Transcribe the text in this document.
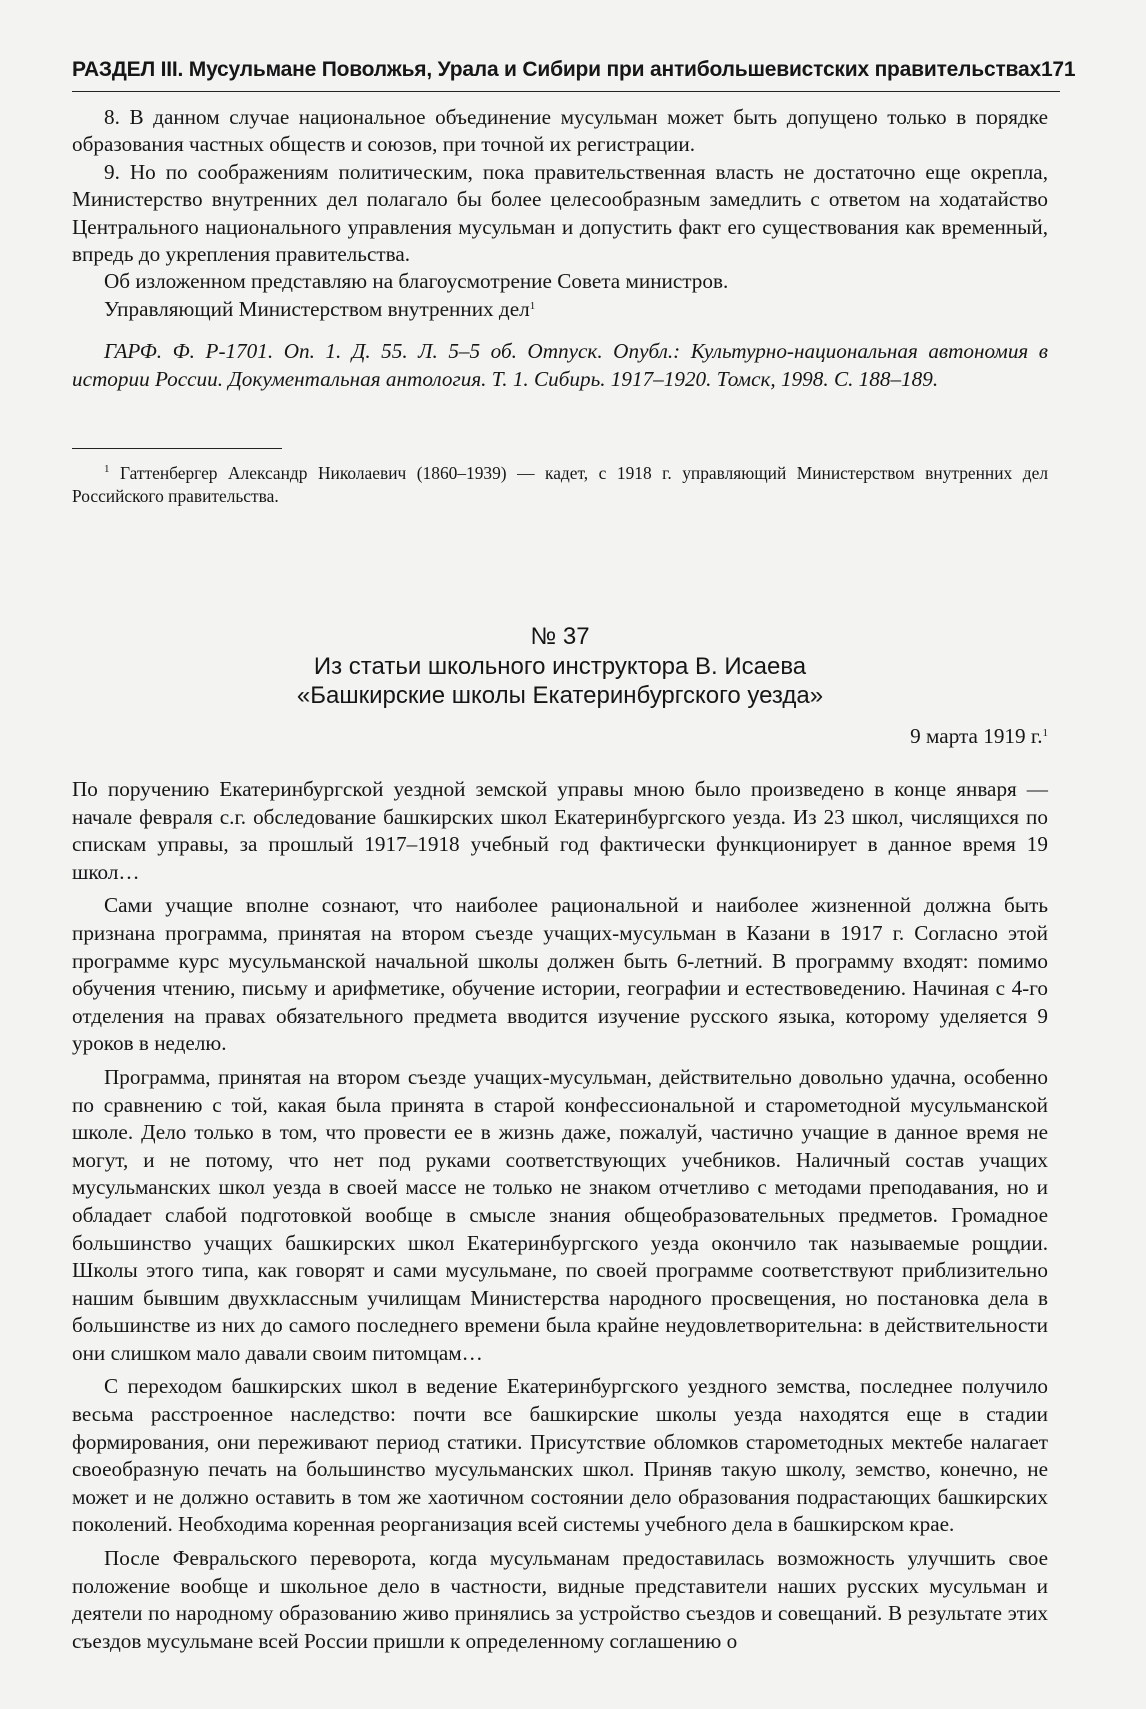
РАЗДЕЛ III. Мусульмане Поволжья, Урала и Сибири при антибольшевистских правительствах 171

8. В данном случае национальное объединение мусульман может быть допущено только в порядке образования частных обществ и союзов, при точной их регистрации.

9. Но по соображениям политическим, пока правительственная власть не достаточно еще окрепла, Министерство внутренних дел полагало бы более целесообразным замедлить с ответом на ходатайство Центрального национального управления мусульман и допустить факт его существования как временный, впредь до укрепления правительства.

Об изложенном представляю на благоусмотрение Совета министров.

Управляющий Министерством внутренних дел$^1$

ГАРФ. Ф. Р-1701. Оп. 1. Д. 55. Л. 5–5 об. Отпуск. Опубл.: Культурно-национальная автономия в истории России. Документальная антология. Т. 1. Сибирь. 1917–1920. Томск, 1998. С. 188–189.

$^1$ Гаттенбергер Александр Николаевич (1860–1939) — кадет, с 1918 г. управляющий Министерством внутренних дел Российского правительства.

№ 37
Из статьи школьного инструктора В. Исаева
«Башкирские школы Екатеринбургского уезда»
9 марта 1919 г.$^1$

По поручению Екатеринбургской уездной земской управы мною было произведено в конце января — начале февраля с.г. обследование башкирских школ Екатеринбургского уезда. Из 23 школ, числящихся по спискам управы, за прошлый 1917–1918 учебный год фактически функционирует в данное время 19 школ…

Сами учащие вполне сознают, что наиболее рациональной и наиболее жизненной должна быть признана программа, принятая на втором съезде учащих-мусульман в Казани в 1917 г. Согласно этой программе курс мусульманской начальной школы должен быть 6-летний. В программу входят: помимо обучения чтению, письму и арифметике, обучение истории, географии и естествоведению. Начиная с 4-го отделения на правах обязательного предмета вводится изучение русского языка, которому уделяется 9 уроков в неделю.

Программа, принятая на втором съезде учащих-мусульман, действительно довольно удачна, особенно по сравнению с той, какая была принята в старой конфессиональной и старометодной мусульманской школе. Дело только в том, что провести ее в жизнь даже, пожалуй, частично учащие в данное время не могут, и не потому, что нет под руками соответствующих учебников. Наличный состав учащих мусульманских школ уезда в своей массе не только не знаком отчетливо с методами преподавания, но и обладает слабой подготовкой вообще в смысле знания общеобразовательных предметов. Громадное большинство учащих башкирских школ Екатеринбургского уезда окончило так называемые рощдии. Школы этого типа, как говорят и сами мусульмане, по своей программе соответствуют приблизительно нашим бывшим двухклассным училищам Министерства народного просвещения, но постановка дела в большинстве из них до самого последнего времени была крайне неудовлетворительна: в действительности они слишком мало давали своим питомцам…

С переходом башкирских школ в ведение Екатеринбургского уездного земства, последнее получило весьма расстроенное наследство: почти все башкирские школы уезда находятся еще в стадии формирования, они переживают период статики. Присутствие обломков старометодных мектебе налагает своеобразную печать на большинство мусульманских школ. Приняв такую школу, земство, конечно, не может и не должно оставить в том же хаотичном состоянии дело образования подрастающих башкирских поколений. Необходима коренная реорганизация всей системы учебного дела в башкирском крае.

После Февральского переворота, когда мусульманам предоставилась возможность улучшить свое положение вообще и школьное дело в частности, видные представители наших русских мусульман и деятели по народному образованию живо принялись за устройство съездов и совещаний. В результате этих съездов мусульмане всей России пришли к определенному соглашению о
